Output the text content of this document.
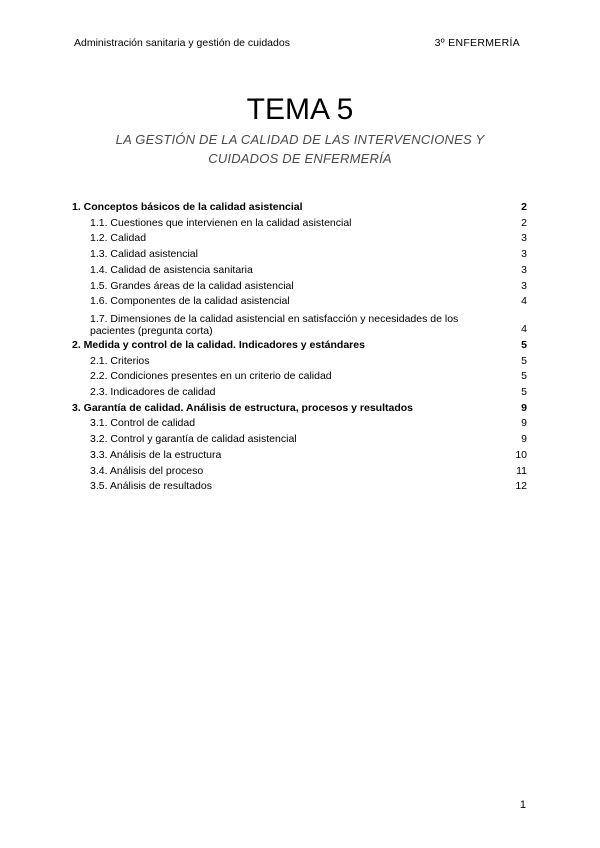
Administración sanitaria y gestión de cuidados	3º ENFERMERÍA
TEMA 5
LA GESTIÓN DE LA CALIDAD DE LAS INTERVENCIONES Y
CUIDADOS DE ENFERMERÍA
1. Conceptos básicos de la calidad asistencial	2
1.1. Cuestiones que intervienen en la calidad asistencial	2
1.2. Calidad	3
1.3. Calidad asistencial	3
1.4. Calidad de asistencia sanitaria	3
1.5. Grandes áreas de la calidad asistencial	3
1.6. Componentes de la calidad asistencial	4
1.7. Dimensiones de la calidad asistencial en satisfacción y necesidades de los pacientes (pregunta corta)	4
2. Medida y control de la calidad. Indicadores y estándares	5
2.1. Criterios	5
2.2. Condiciones presentes en un criterio de calidad	5
2.3. Indicadores de calidad	5
3. Garantía de calidad. Análisis de estructura, procesos y resultados	9
3.1. Control de calidad	9
3.2. Control y garantía de calidad asistencial	9
3.3. Análisis de la estructura	10
3.4. Análisis del proceso	11
3.5. Análisis de resultados	12
1
